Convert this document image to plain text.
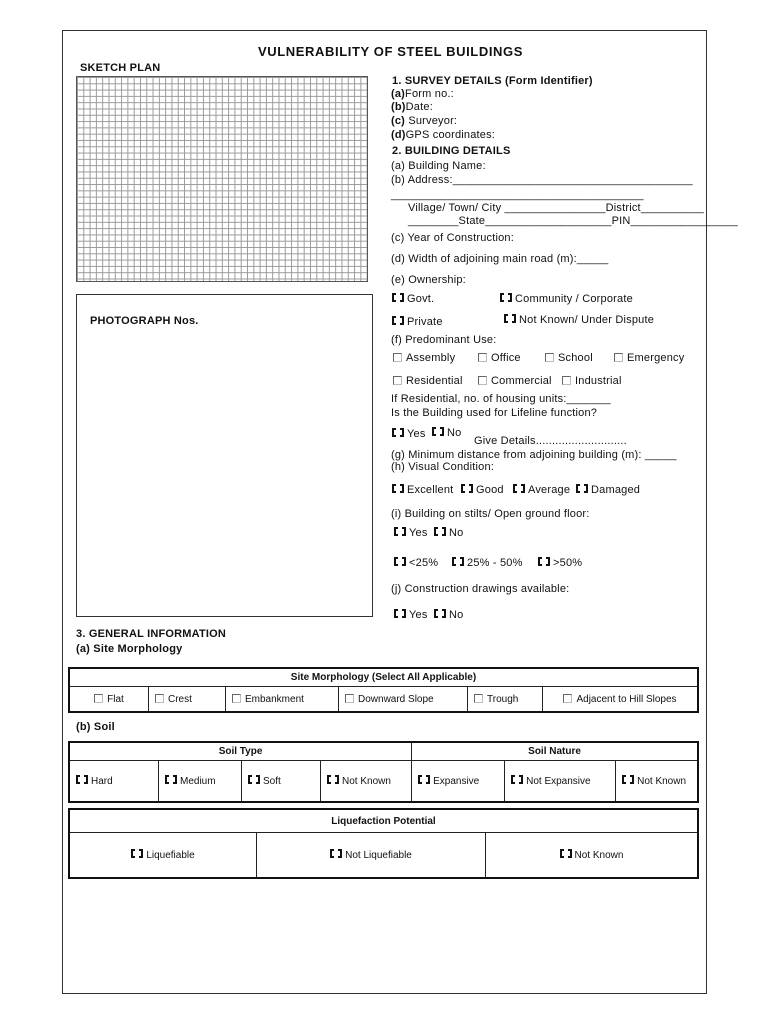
VULNERABILITY OF STEEL BUILDINGS
SKETCH PLAN
PHOTOGRAPH Nos.
1. SURVEY DETAILS (Form Identifier)
(a)Form no.:
(b)Date:
(c) Surveyor:
(d)GPS coordinates:
2. BUILDING DETAILS
(a) Building Name:
(b) Address:______________________________________
________________________________________
Village/ Town/ City ________________District__________
________State____________________PIN_________________
(c) Year of Construction:
(d) Width of adjoining main road (m):_____
(e) Ownership:
Govt.	Community / Corporate
Private	Not Known/ Under Dispute
(f) Predominant Use:
Assembly	Office	School	Emergency
Residential	Commercial	Industrial
If Residential, no. of housing units:_______
Is the Building used for Lifeline function?
Yes	No
Give Details............................
(g) Minimum distance from adjoining building (m): _____
(h) Visual Condition:
Excellent	Good	Average	Damaged
(i) Building on stilts/ Open ground floor:
Yes	No
<25%	25% - 50%	>50%
(j) Construction drawings available:
Yes	No
3. GENERAL INFORMATION
(a) Site Morphology
Site Morphology (Select All Applicable)
Flat	Crest	Embankment	Downward Slope	Trough	Adjacent to Hill Slopes
(b) Soil
Soil Type				Soil Nature		
Hard	Medium	Soft	Not Known	Expansive	Not Expansive	Not Known
Liquefaction Potential
Liquefiable	Not Liquefiable	Not Known
